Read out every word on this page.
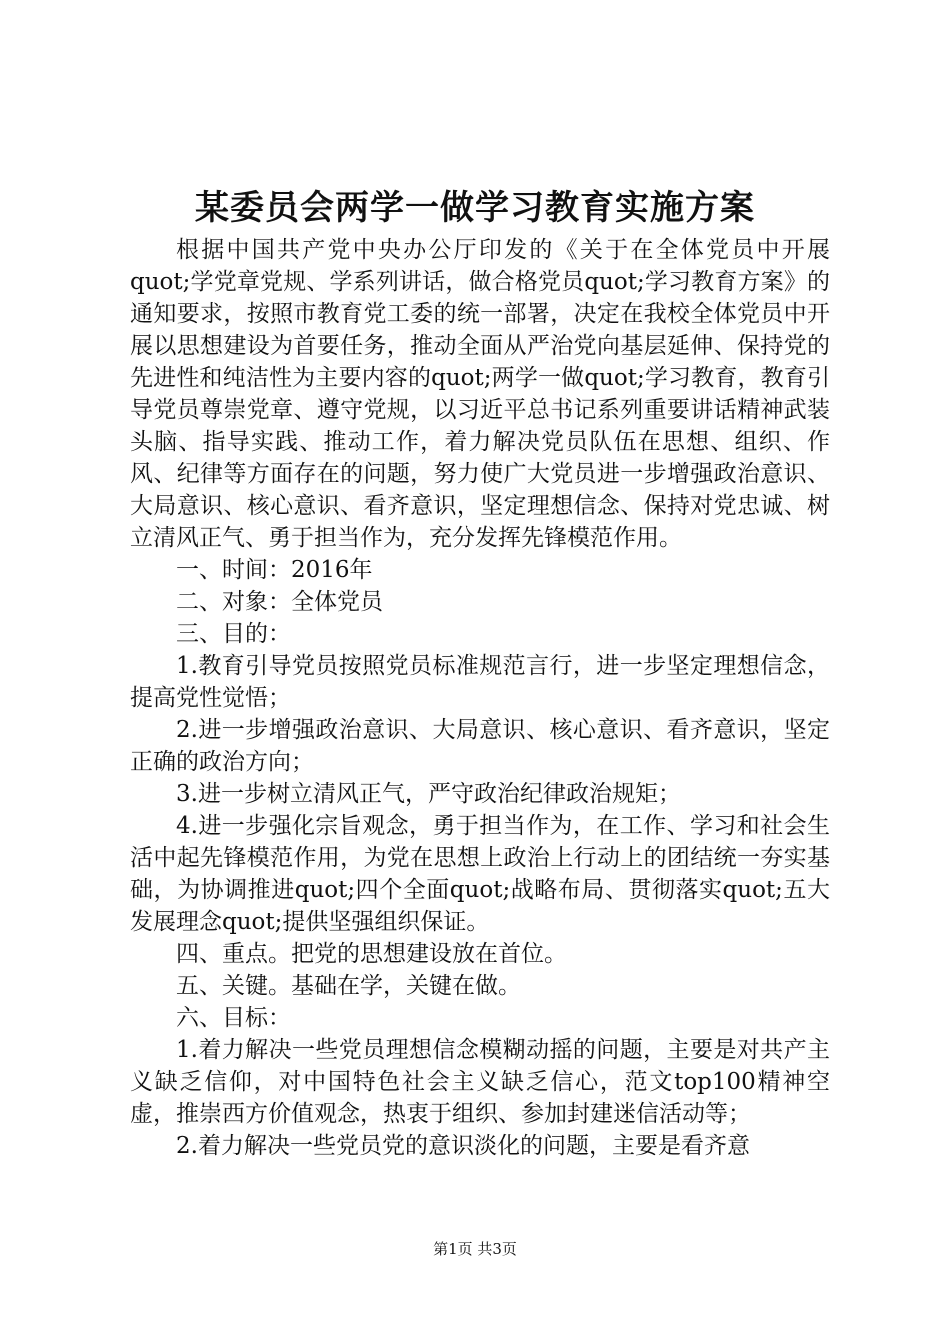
某委员会两学一做学习教育实施方案

根据中国共产党中央办公厅印发的《关于在全体党员中开展quot;学党章党规、学系列讲话，做合格党员quot;学习教育方案》的通知要求，按照市教育党工委的统一部署，决定在我校全体党员中开展以思想建设为首要任务，推动全面从严治党向基层延伸、保持党的先进性和纯洁性为主要内容的quot;两学一做quot;学习教育，教育引导党员尊崇党章、遵守党规，以习近平总书记系列重要讲话精神武装头脑、指导实践、推动工作，着力解决党员队伍在思想、组织、作风、纪律等方面存在的问题，努力使广大党员进一步增强政治意识、大局意识、核心意识、看齐意识，坚定理想信念、保持对党忠诚、树立清风正气、勇于担当作为，充分发挥先锋模范作用。

一、时间：2016年

二、对象：全体党员

三、目的：

1.教育引导党员按照党员标准规范言行，进一步坚定理想信念，提高党性觉悟；

2.进一步增强政治意识、大局意识、核心意识、看齐意识，坚定正确的政治方向；

3.进一步树立清风正气，严守政治纪律政治规矩；

4.进一步强化宗旨观念，勇于担当作为，在工作、学习和社会生活中起先锋模范作用，为党在思想上政治上行动上的团结统一夯实基础，为协调推进quot;四个全面quot;战略布局、贯彻落实quot;五大发展理念quot;提供坚强组织保证。

四、重点。把党的思想建设放在首位。

五、关键。基础在学，关键在做。

六、目标：

1.着力解决一些党员理想信念模糊动摇的问题，主要是对共产主义缺乏信仰，对中国特色社会主义缺乏信心，范文top100精神空虚，推崇西方价值观念，热衷于组织、参加封建迷信活动等；

2.着力解决一些党员党的意识淡化的问题，主要是看齐意

第1页 共3页
